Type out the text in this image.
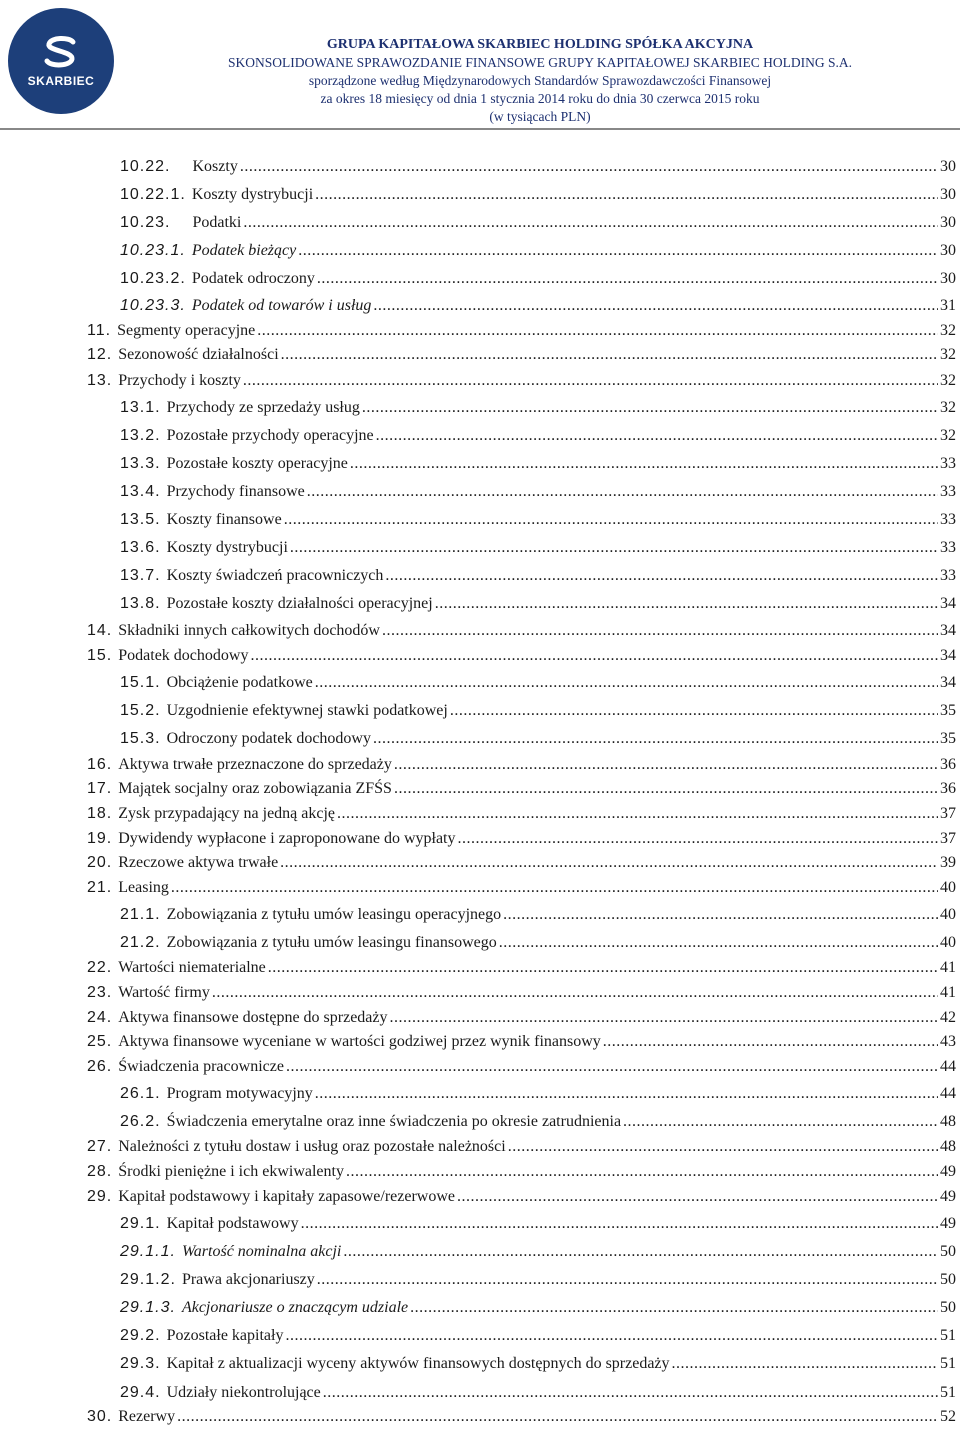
SKARBIEC
GRUPA KAPITAŁOWA SKARBIEC HOLDING SPÓŁKA AKCYJNA
SKONSOLIDOWANE SPRAWOZDANIE FINANSOWE GRUPY KAPITAŁOWEJ SKARBIEC HOLDING S.A.
sporządzone według Międzynarodowych Standardów Sprawozdawczości Finansowej
za okres 18 miesięcy od dnia 1 stycznia 2014 roku do dnia 30 czerwca 2015 roku
(w tysiącach PLN)
10.22. Koszty .....	30
10.22.1. Koszty dystrybucji .....	30
10.23. Podatki .....	30
10.23.1. Podatek bieżący .....	30
10.23.2. Podatek odroczony .....	30
10.23.3. Podatek od towarów i usług .....	31
11. Segmenty operacyjne .....	32
12. Sezonowość działalności .....	32
13. Przychody i koszty .....	32
13.1. Przychody ze sprzedaży usług .....	32
13.2. Pozostałe przychody operacyjne .....	32
13.3. Pozostałe koszty operacyjne .....	33
13.4. Przychody finansowe .....	33
13.5. Koszty finansowe .....	33
13.6. Koszty dystrybucji .....	33
13.7. Koszty świadczeń pracowniczych .....	33
13.8. Pozostałe koszty działalności operacyjnej .....	34
14. Składniki innych całkowitych dochodów .....	34
15. Podatek dochodowy .....	34
15.1. Obciążenie podatkowe .....	34
15.2. Uzgodnienie efektywnej stawki podatkowej .....	35
15.3. Odroczony podatek dochodowy .....	35
16. Aktywa trwałe przeznaczone do sprzedaży .....	36
17. Majątek socjalny oraz zobowiązania ZFŚS .....	36
18. Zysk przypadający na jedną akcję .....	37
19. Dywidendy wypłacone i zaproponowane do wypłaty .....	37
20. Rzeczowe aktywa trwałe .....	39
21. Leasing .....	40
21.1. Zobowiązania z tytułu umów leasingu operacyjnego .....	40
21.2. Zobowiązania z tytułu umów leasingu finansowego .....	40
22. Wartości niematerialne .....	41
23. Wartość firmy .....	41
24. Aktywa finansowe dostępne do sprzedaży .....	42
25. Aktywa finansowe wyceniane w wartości godziwej przez wynik finansowy .....	43
26. Świadczenia pracownicze .....	44
26.1. Program motywacyjny .....	44
26.2. Świadczenia emerytalne oraz inne świadczenia po okresie zatrudnienia .....	48
27. Należności z tytułu dostaw i usług oraz pozostałe należności .....	48
28. Środki pieniężne i ich ekwiwalenty .....	49
29. Kapitał podstawowy i kapitały zapasowe/rezerwowe .....	49
29.1. Kapitał podstawowy .....	49
29.1.1. Wartość nominalna akcji .....	50
29.1.2. Prawa akcjonariuszy .....	50
29.1.3. Akcjonariusze o znaczącym udziale .....	50
29.2. Pozostałe kapitały .....	51
29.3. Kapitał z aktualizacji wyceny aktywów finansowych dostępnych do sprzedaży .....	51
29.4. Udziały niekontrolujące .....	51
30. Rezerwy .....	52
